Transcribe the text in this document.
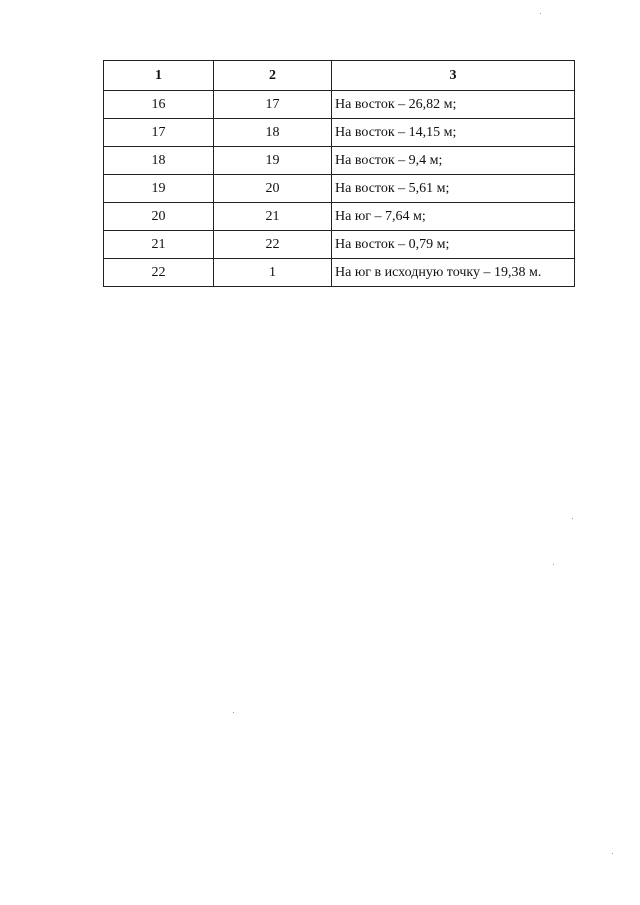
1	2	3
16	17	На восток – 26,82 м;
17	18	На восток – 14,15 м;
18	19	На восток – 9,4 м;
19	20	На восток – 5,61 м;
20	21	На юг – 7,64 м;
21	22	На восток – 0,79 м;
22	1	На юг в исходную точку – 19,38 м.
